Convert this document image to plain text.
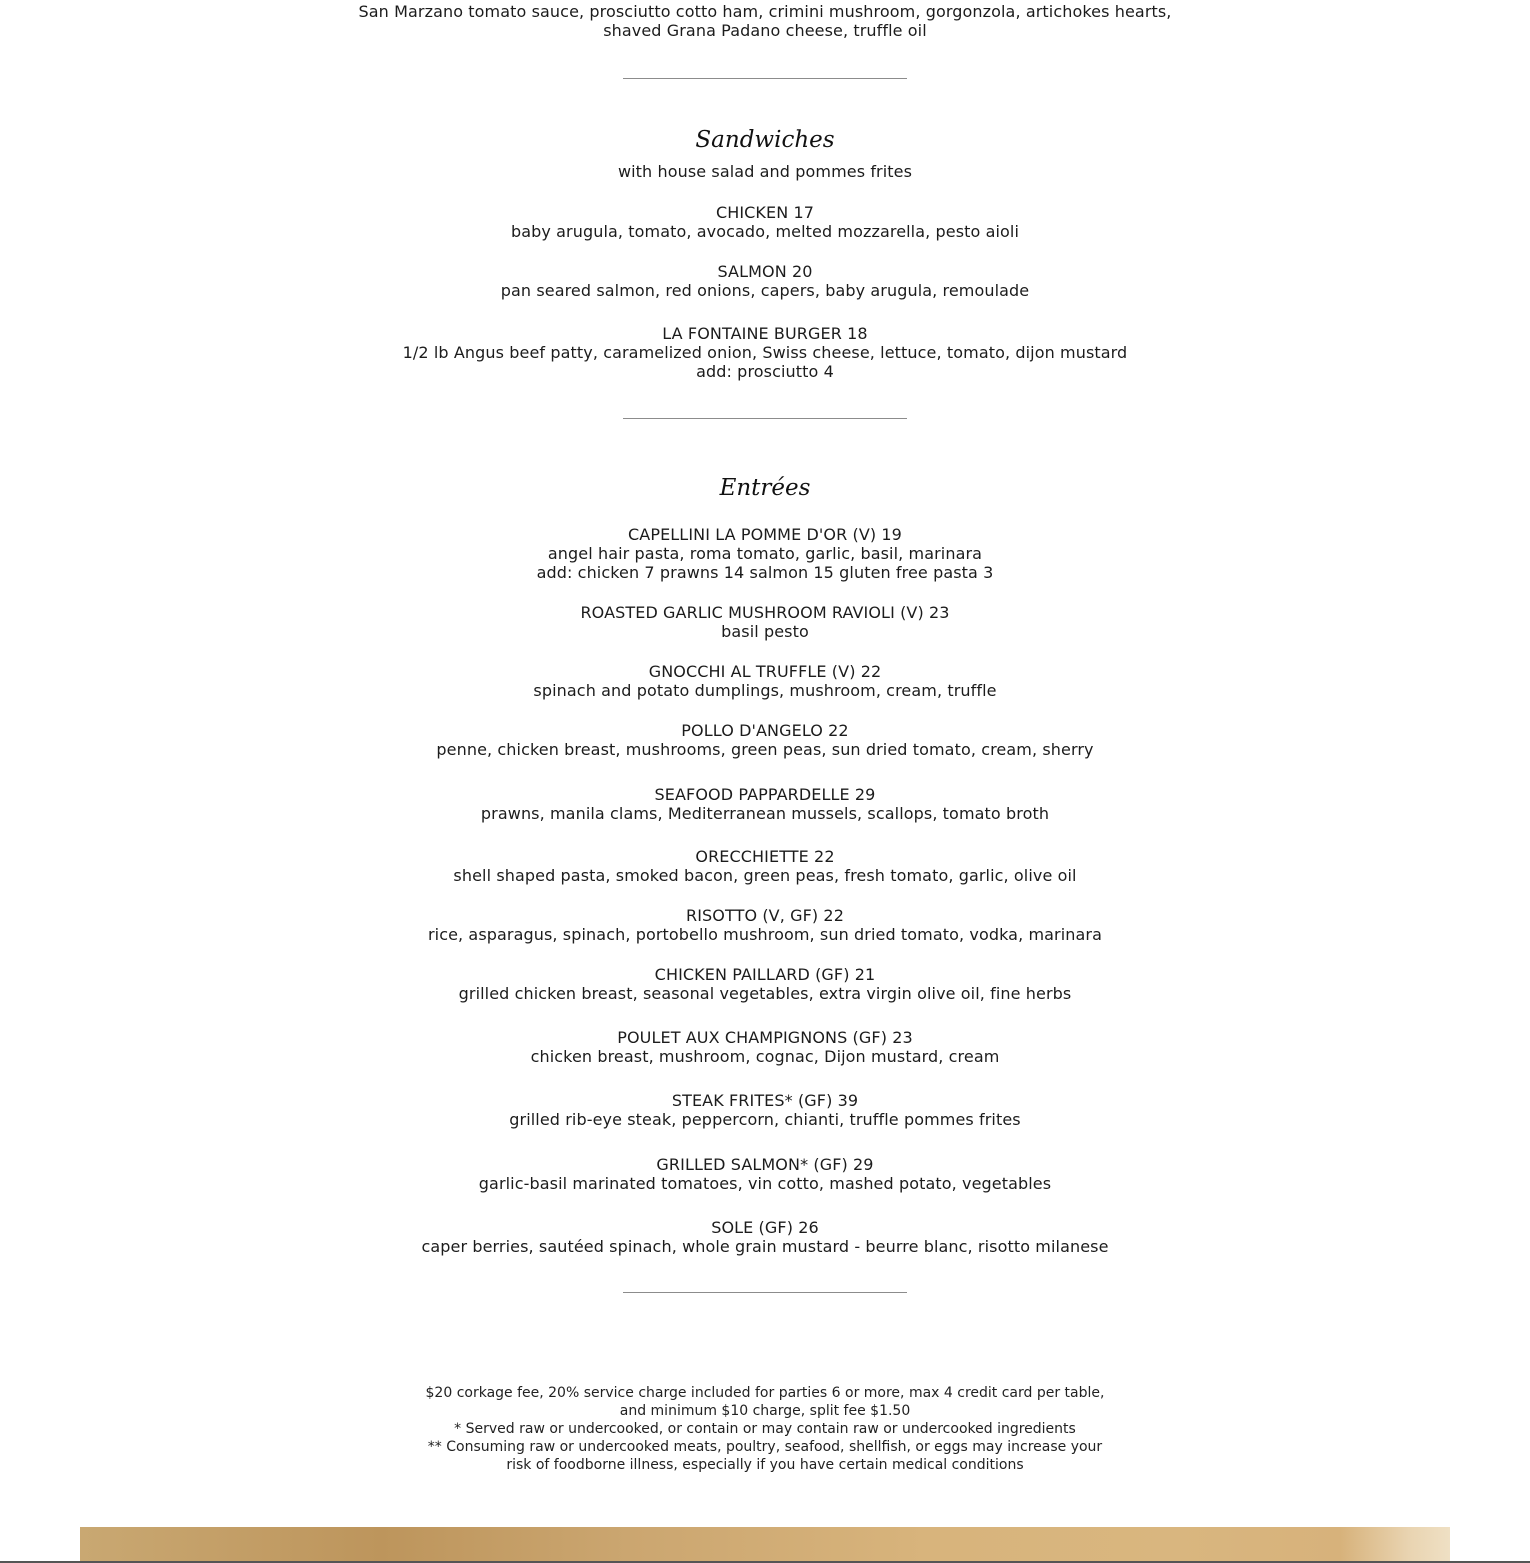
San Marzano tomato sauce, prosciutto cotto ham, crimini mushroom, gorgonzola, artichokes hearts,
shaved Grana Padano cheese, truffle oil
Sandwiches
with house salad and pommes frites
CHICKEN 17
baby arugula, tomato, avocado, melted mozzarella, pesto aioli
SALMON 20
pan seared salmon, red onions, capers, baby arugula, remoulade
LA FONTAINE BURGER 18
1/2 lb Angus beef patty, caramelized onion, Swiss cheese, lettuce, tomato, dijon mustard
add: prosciutto 4
Entrées
CAPELLINI LA POMME D'OR (V) 19
angel hair pasta, roma tomato, garlic, basil, marinara
add: chicken 7 prawns 14 salmon 15 gluten free pasta 3
ROASTED GARLIC MUSHROOM RAVIOLI (V) 23
basil pesto
GNOCCHI AL TRUFFLE (V) 22
spinach and potato dumplings, mushroom, cream, truffle
POLLO D'ANGELO 22
penne, chicken breast, mushrooms, green peas, sun dried tomato, cream, sherry
SEAFOOD PAPPARDELLE 29
prawns, manila clams, Mediterranean mussels, scallops, tomato broth
ORECCHIETTE 22
shell shaped pasta, smoked bacon, green peas, fresh tomato, garlic, olive oil
RISOTTO (V, GF) 22
rice, asparagus, spinach, portobello mushroom, sun dried tomato, vodka, marinara
CHICKEN PAILLARD (GF) 21
grilled chicken breast, seasonal vegetables, extra virgin olive oil, fine herbs
POULET AUX CHAMPIGNONS (GF) 23
chicken breast, mushroom, cognac, Dijon mustard, cream
STEAK FRITES* (GF) 39
grilled rib-eye steak, peppercorn, chianti, truffle pommes frites
GRILLED SALMON* (GF) 29
garlic-basil marinated tomatoes, vin cotto, mashed potato, vegetables
SOLE (GF) 26
caper berries, sautéed spinach, whole grain mustard - beurre blanc, risotto milanese
$20 corkage fee, 20% service charge included for parties 6 or more, max 4 credit card per table,
and minimum $10 charge, split fee $1.50
* Served raw or undercooked, or contain or may contain raw or undercooked ingredients
** Consuming raw or undercooked meats, poultry, seafood, shellfish, or eggs may increase your
risk of foodborne illness, especially if you have certain medical conditions
